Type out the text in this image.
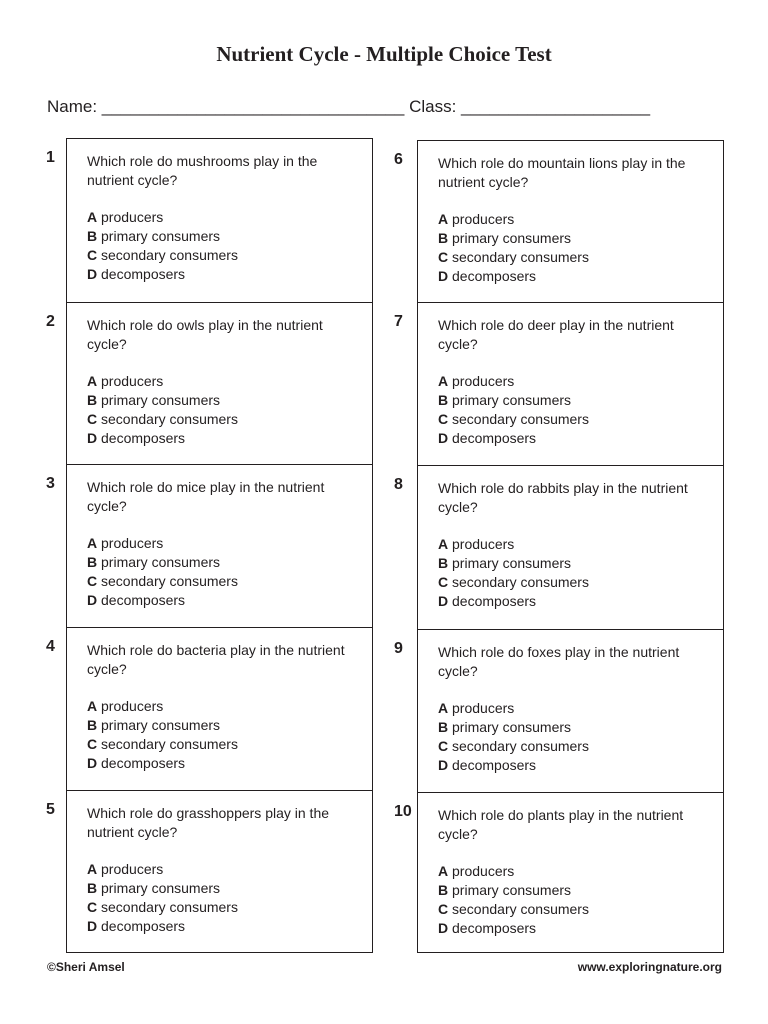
Nutrient Cycle - Multiple Choice Test
Name: ________________________________ Class: ____________________

Which role do mushrooms play in the nutrient cycle?

A producers

B primary consumers

C secondary consumers

D decomposers

Which role do owls play in the nutrient cycle?

A producers

B primary consumers

C secondary consumers

D decomposers

Which role do mice play in the nutrient cycle?

A producers

B primary consumers

C secondary consumers

D decomposers

Which role do bacteria play in the nutrient cycle?

A producers

B primary consumers

C secondary consumers

D decomposers

Which role do grasshoppers play in the nutrient cycle?

A producers

B primary consumers

C secondary consumers

D decomposers

Which role do mountain lions play in the nutrient cycle?

A producers

B primary consumers

C secondary consumers

D decomposers

Which role do deer play in the nutrient cycle?

A producers

B primary consumers

C secondary consumers

D decomposers

Which role do rabbits play in the nutrient cycle?

A producers

B primary consumers

C secondary consumers

D decomposers

Which role do foxes play in the nutrient cycle?

A producers

B primary consumers

C secondary consumers

D decomposers

Which role do plants play in the nutrient cycle?

A producers

B primary consumers

C secondary consumers

D decomposers

©Sheri Amsel	www.exploringnature.org
1
2
3
4
5
6
7
8
9
10
